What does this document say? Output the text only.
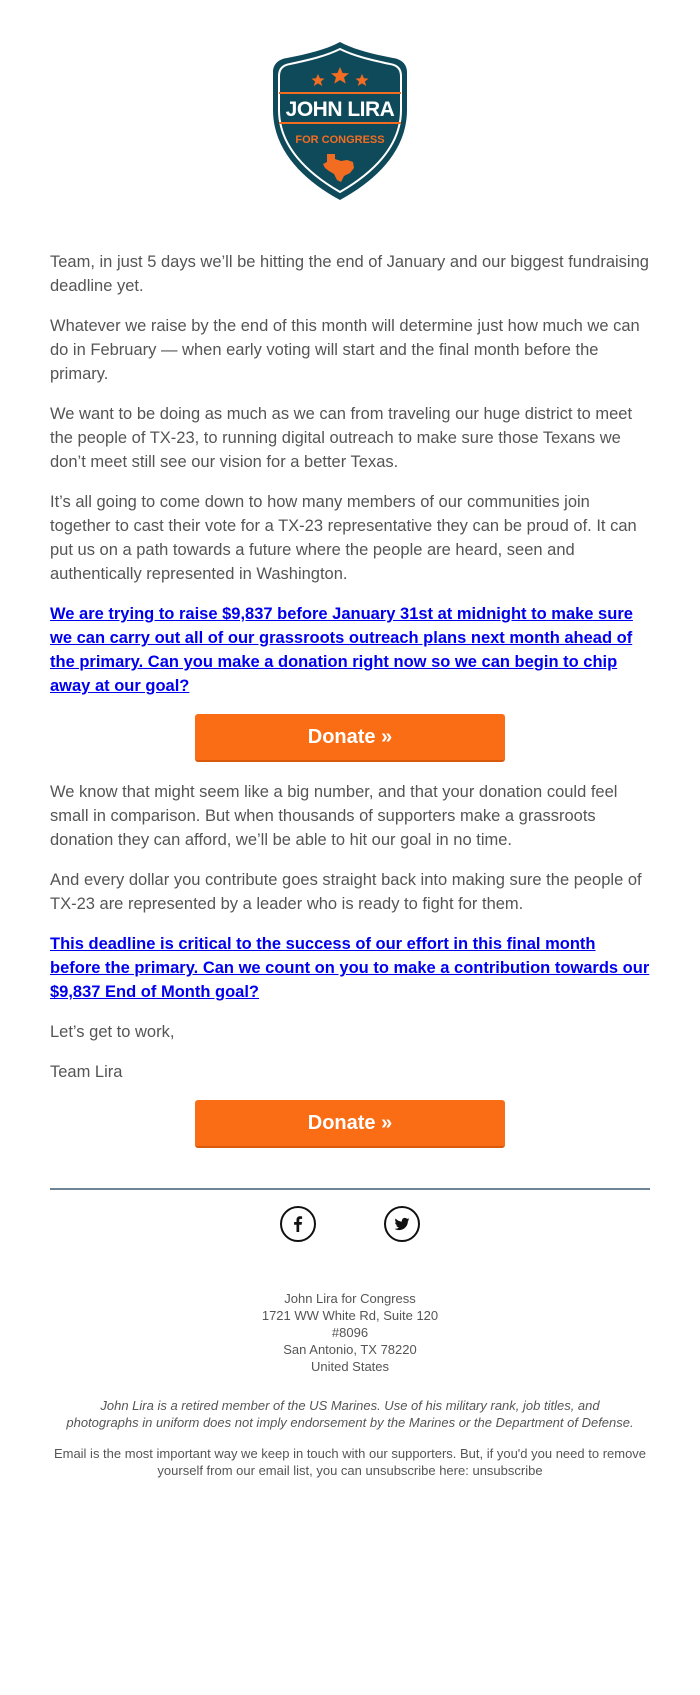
JOHN LIRA
FOR CONGRESS

Team, in just 5 days we’ll be hitting the end of January and our biggest fundraising deadline yet.

Whatever we raise by the end of this month will determine just how much we can do in February — when early voting will start and the final month before the primary.

We want to be doing as much as we can from traveling our huge district to meet the people of TX-23, to running digital outreach to make sure those Texans we don’t meet still see our vision for a better Texas.

It’s all going to come down to how many members of our communities join together to cast their vote for a TX-23 representative they can be proud of. It can put us on a path towards a future where the people are heard, seen and authentically represented in Washington.

We are trying to raise $9,837 before January 31st at midnight to make sure we can carry out all of our grassroots outreach plans next month ahead of the primary. Can you make a donation right now so we can begin to chip away at our goal?
Donate »

We know that might seem like a big number, and that your donation could feel small in comparison. But when thousands of supporters make a grassroots donation they can afford, we’ll be able to hit our goal in no time.

And every dollar you contribute goes straight back into making sure the people of TX-23 are represented by a leader who is ready to fight for them.

This deadline is critical to the success of our effort in this final month before the primary. Can we count on you to make a contribution towards our $9,837 End of Month goal?

Let’s get to work,

Team Lira

Donate »

John Lira for Congress
1721 WW White Rd, Suite 120
#8096
San Antonio, TX 78220
United States
John Lira is a retired member of the US Marines. Use of his military rank, job titles, and photographs in uniform does not imply endorsement by the Marines or the Department of Defense.
Email is the most important way we keep in touch with our supporters. But, if you'd you need to remove yourself from our email list, you can unsubscribe here: unsubscribe
